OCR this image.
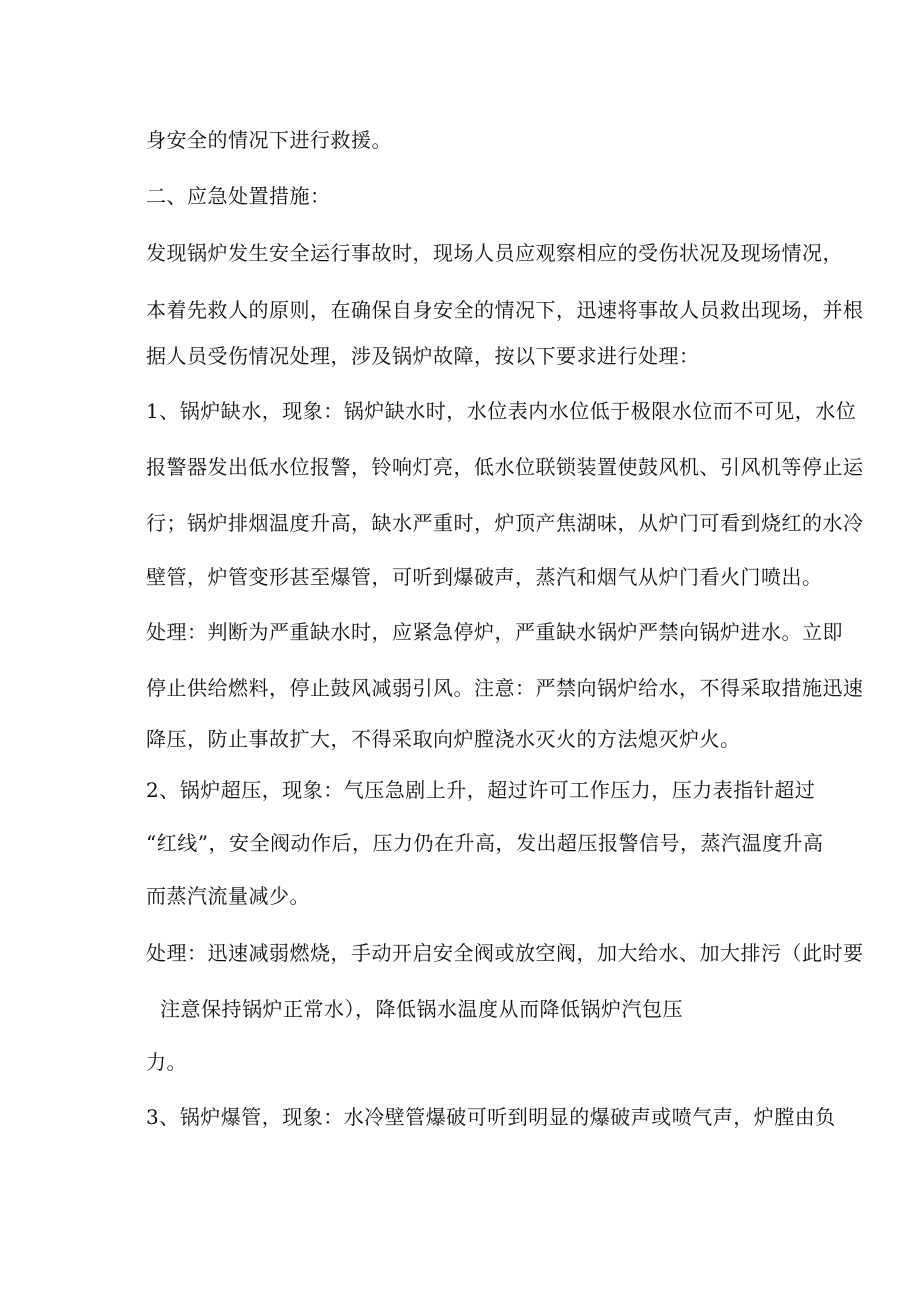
身安全的情况下进行救援。
二、应急处置措施：
发现锅炉发生安全运行事故时，现场人员应观察相应的受伤状况及现场情况，
本着先救人的原则，在确保自身安全的情况下，迅速将事故人员救出现场，并根
据人员受伤情况处理，涉及锅炉故障，按以下要求进行处理：
1、锅炉缺水，现象：锅炉缺水时，水位表内水位低于极限水位而不可见，水位
报警器发出低水位报警，铃响灯亮，低水位联锁装置使鼓风机、引风机等停止运
行；锅炉排烟温度升高，缺水严重时，炉顶产焦湖味，从炉门可看到烧红的水冷
壁管，炉管变形甚至爆管，可听到爆破声，蒸汽和烟气从炉门看火门喷出。
处理：判断为严重缺水时，应紧急停炉，严重缺水锅炉严禁向锅炉进水。立即
停止供给燃料，停止鼓风减弱引风。注意：严禁向锅炉给水，不得采取措施迅速
降压，防止事故扩大，不得采取向炉膛浇水灭火的方法熄灭炉火。
2、锅炉超压，现象：气压急剧上升，超过许可工作压力，压力表指针超过
“红线”，安全阀动作后，压力仍在升高，发出超压报警信号，蒸汽温度升高
而蒸汽流量减少。
处理：迅速减弱燃烧，手动开启安全阀或放空阀，加大给水、加大排污（此时要
注意保持锅炉正常水），降低锅水温度从而降低锅炉汽包压
力。
3、锅炉爆管，现象：水冷壁管爆破可听到明显的爆破声或喷气声，炉膛由负
